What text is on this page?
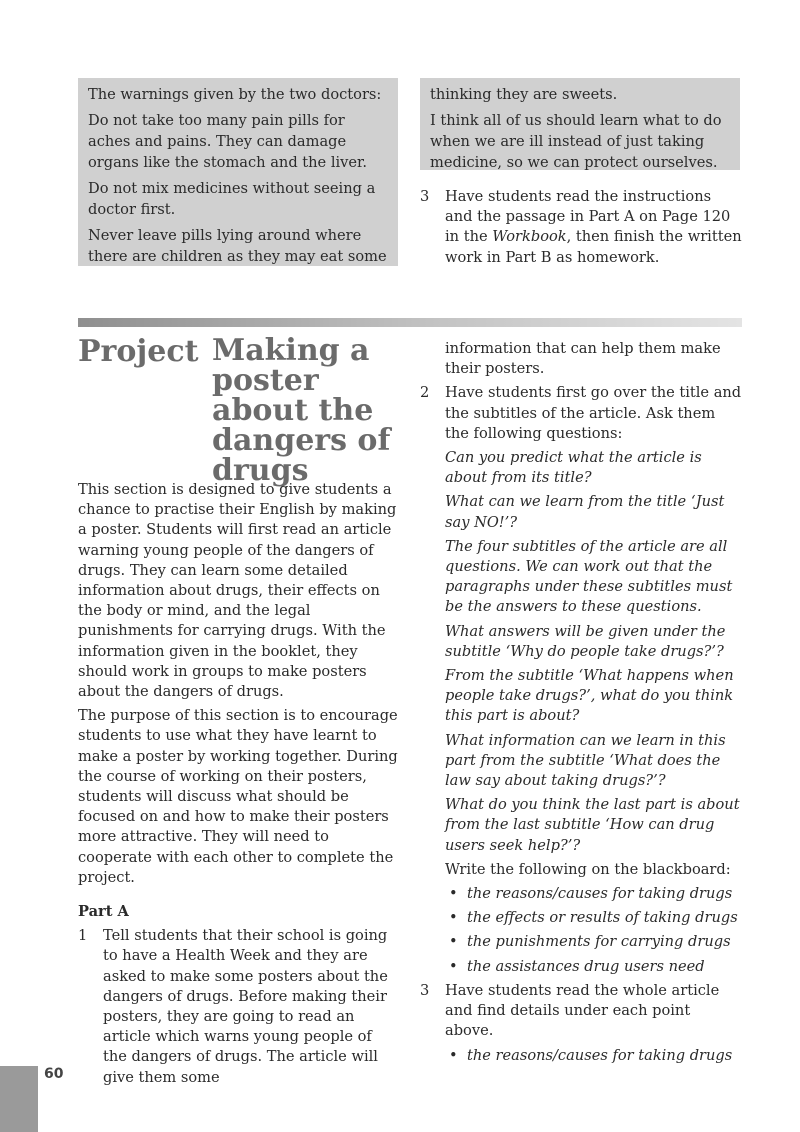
The warnings given by the two doctors:

Do not take too many pain pills for aches and pains. They can damage organs like the stomach and the liver.

Do not mix medicines without seeing a doctor first.

Never leave pills lying around where there are children as they may eat some

thinking they are sweets.

I think all of us should learn what to do when we are ill instead of just taking medicine, so we can protect ourselves.

3 Have students read the instructions and the passage in Part A on Page 120 in the Workbook, then finish the written work in Part B as homework.

Project Making a poster about the dangers of drugs

This section is designed to give students a chance to practise their English by making a poster. Students will first read an article warning young people of the dangers of drugs. They can learn some detailed information about drugs, their effects on the body or mind, and the legal punishments for carrying drugs. With the information given in the booklet, they should work in groups to make posters about the dangers of drugs.

The purpose of this section is to encourage students to use what they have learnt to make a poster by working together. During the course of working on their posters, students will discuss what should be focused on and how to make their posters more attractive. They will need to cooperate with each other to complete the project.

Part A

1 Tell students that their school is going to have a Health Week and they are asked to make some posters about the dangers of drugs. Before making their posters, they are going to read an article which warns young people of the dangers of drugs. The article will give them some

information that can help them make their posters.

2 Have students first go over the title and the subtitles of the article. Ask them the following questions:

Can you predict what the article is about from its title?

What can we learn from the title ‘Just say NO!’?

The four subtitles of the article are all questions. We can work out that the paragraphs under these subtitles must be the answers to these questions.

What answers will be given under the subtitle ‘Why do people take drugs?’?

From the subtitle ‘What happens when people take drugs?’, what do you think this part is about?

What information can we learn in this part from the subtitle ‘What does the law say about taking drugs?’?

What do you think the last part is about from the last subtitle ‘How can drug users seek help?’?

Write the following on the blackboard:

• the reasons/causes for taking drugs

• the effects or results of taking drugs

• the punishments for carrying drugs

• the assistances drug users need

3 Have students read the whole article and find details under each point above.

• the reasons/causes for taking drugs

60
